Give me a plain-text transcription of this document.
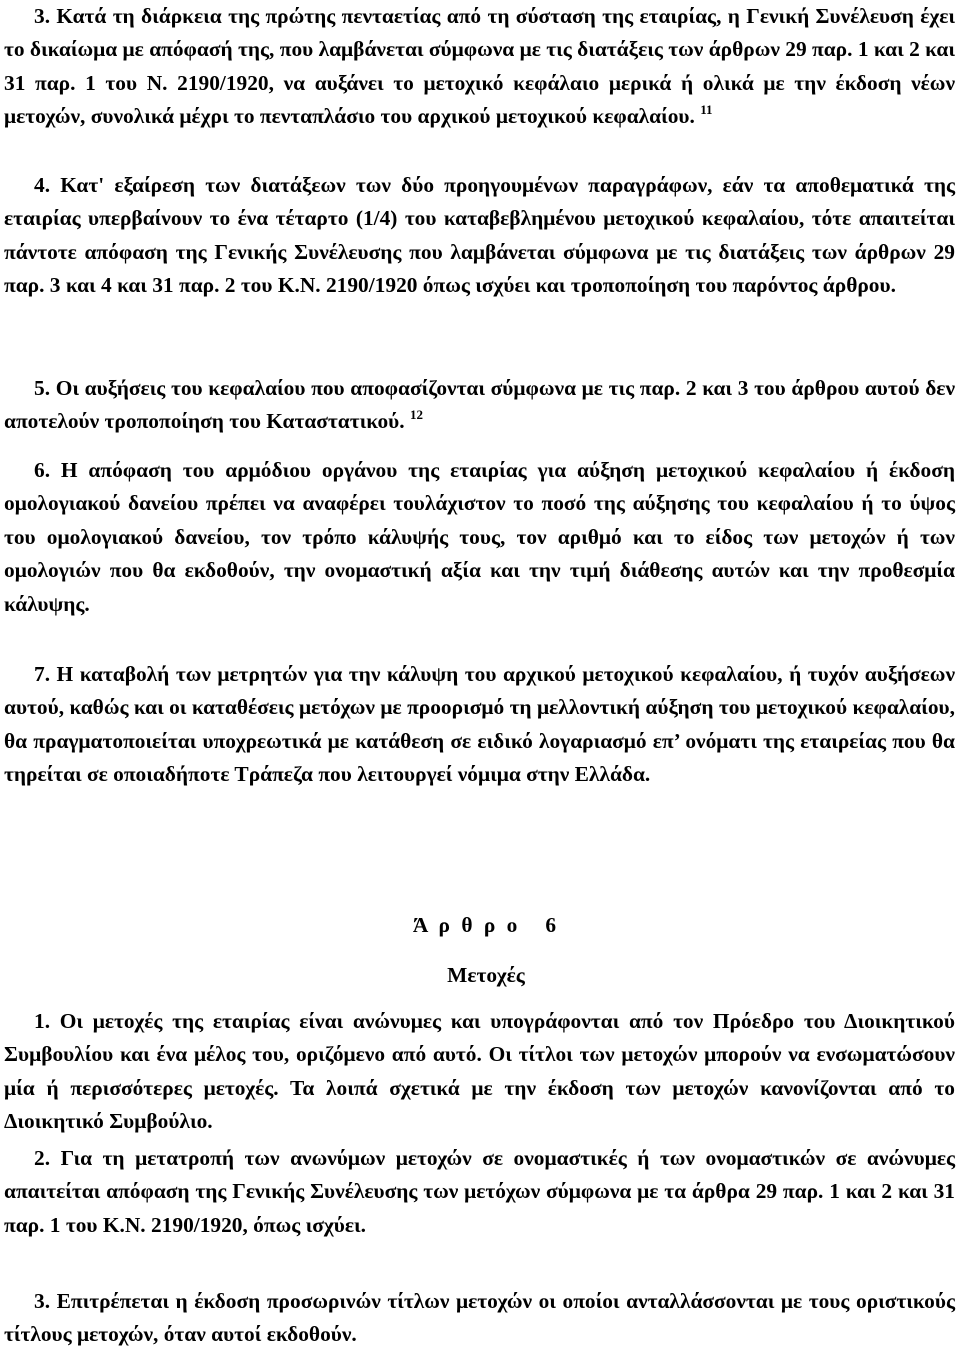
3. Κατά τη διάρκεια της πρώτης πενταετίας από τη σύσταση της εταιρίας, η Γενική Συνέλευση έχει το δικαίωμα με απόφασή της, που λαμβάνεται σύμφωνα με τις διατάξεις των άρθρων 29 παρ. 1 και 2 και 31 παρ. 1 του Ν. 2190/1920, να αυξάνει το μετοχικό κεφάλαιο μερικά ή ολικά με την έκδοση νέων μετοχών, συνολικά μέχρι το πενταπλάσιο του αρχικού μετοχικού κεφαλαίου. $^{11}$

4. Κατ' εξαίρεση των διατάξεων των δύο προηγουμένων παραγράφων, εάν τα αποθεματικά της εταιρίας υπερβαίνουν το ένα τέταρτο (1/4) του καταβεβλημένου μετοχικού κεφαλαίου, τότε απαιτείται πάντοτε απόφαση της Γενικής Συνέλευσης που λαμβάνεται σύμφωνα με τις διατάξεις των άρθρων 29 παρ. 3 και 4 και 31 παρ. 2 του Κ.Ν. 2190/1920 όπως ισχύει και τροποποίηση του παρόντος άρθρου.

5. Οι αυξήσεις του κεφαλαίου που αποφασίζονται σύμφωνα με τις παρ. 2 και 3 του άρθρου αυτού δεν αποτελούν τροποποίηση του Καταστατικού. $^{12}$

6. Η απόφαση του αρμόδιου οργάνου της εταιρίας για αύξηση μετοχικού κεφαλαίου ή έκδοση ομολογιακού δανείου πρέπει να αναφέρει τουλάχιστον το ποσό της αύξησης του κεφαλαίου ή το ύψος του ομολογιακού δανείου, τον τρόπο κάλυψής τους, τον αριθμό και το είδος των μετοχών ή των ομολογιών που θα εκδοθούν, την ονομαστική αξία και την τιμή διάθεσης αυτών και την προθεσμία κάλυψης.

7. Η καταβολή των μετρητών για την κάλυψη του αρχικού μετοχικού κεφαλαίου, ή τυχόν αυξήσεων αυτού, καθώς και οι καταθέσεις μετόχων με προορισμό τη μελλοντική αύξηση του μετοχικού κεφαλαίου, θα πραγματοποιείται υποχρεωτικά με κατάθεση σε ειδικό λογαριασμό επ’ ονόματι της εταιρείας που θα τηρείται σε οποιαδήποτε Τράπεζα που λειτουργεί νόμιμα στην Ελλάδα.

Ά ρ θ ρ ο   6

Μετοχές

1. Οι μετοχές της εταιρίας είναι ανώνυμες και υπογράφονται από τον Πρόεδρο του Διοικητικού Συμβουλίου και ένα μέλος του, οριζόμενο από αυτό. Οι τίτλοι των μετοχών μπορούν να ενσωματώσουν μία ή περισσότερες μετοχές. Τα λοιπά σχετικά με την έκδοση των μετοχών κανονίζονται από το Διοικητικό Συμβούλιο.

2. Για τη μετατροπή των ανωνύμων μετοχών σε ονομαστικές ή των ονομαστικών σε ανώνυμες απαιτείται απόφαση της Γενικής Συνέλευσης των μετόχων σύμφωνα με τα άρθρα 29 παρ. 1 και 2 και 31 παρ. 1 του Κ.Ν. 2190/1920, όπως ισχύει.

3. Επιτρέπεται η έκδοση προσωρινών τίτλων μετοχών οι οποίοι ανταλλάσσονται με τους οριστικούς τίτλους μετοχών, όταν αυτοί εκδοθούν.
